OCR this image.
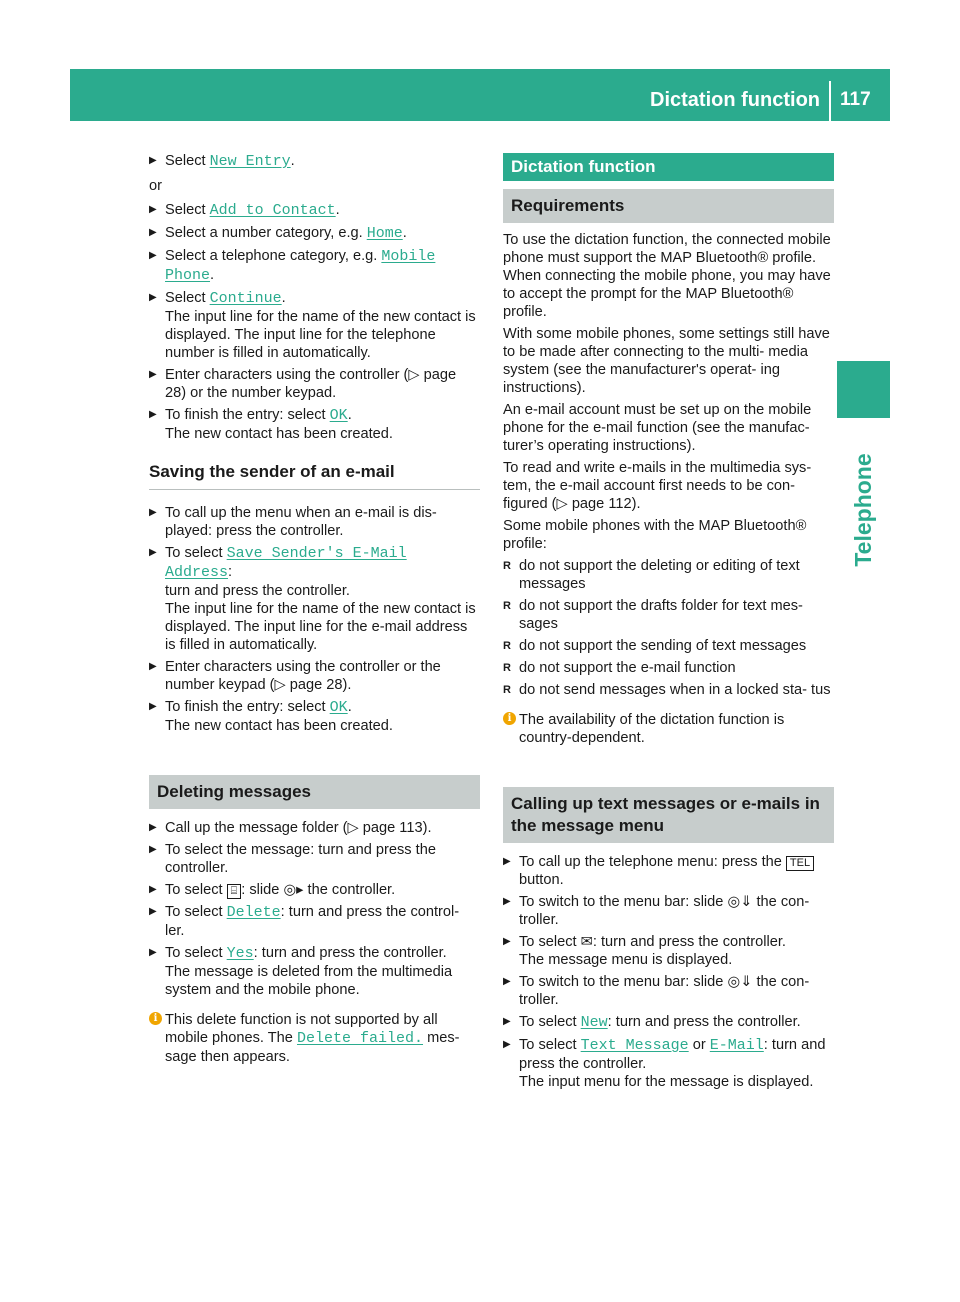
Dictation function 117
Telephone
▶ Select New Entry.
or
▶ Select Add to Contact.
▶ Select a number category, e.g. Home.
▶ Select a telephone category, e.g. Mobile
Phone.
▶ Select Continue.
The input line for the name of the new contact is displayed. The input line for the telephone number is filled in automatically.
▶ Enter characters using the controller (▷ page 28) or the number keypad.
▶ To finish the entry: select OK.
The new contact has been created.
Saving the sender of an e-mail
▶ To call up the menu when an e-mail is dis- played: press the controller.
▶ To select Save Sender's E-Mail Address:
turn and press the controller.
The input line for the name of the new contact is displayed. The input line for the e-mail address is filled in automatically.
▶ Enter characters using the controller or the number keypad (▷ page 28).
▶ To finish the entry: select OK.
The new contact has been created.
Deleting messages
▶ Call up the message folder (▷ page 113).
▶ To select the message: turn and press the controller.
▶ To select ⌸ : slide ◎▸ the controller.
▶ To select Delete: turn and press the control- ler.
▶ To select Yes: turn and press the controller.
The message is deleted from the multimedia system and the mobile phone.
i This delete function is not supported by all mobile phones. The Delete failed. mes- sage then appears.
Dictation function
Requirements
To use the dictation function, the connected mobile phone must support the MAP Bluetooth® profile. When connecting the mobile phone, you may have to accept the prompt for the MAP Bluetooth® profile.
With some mobile phones, some settings still have to be made after connecting to the multi- media system (see the manufacturer's operat- ing instructions).
An e-mail account must be set up on the mobile phone for the e-mail function (see the manufac- turer’s operating instructions).
To read and write e-mails in the multimedia sys- tem, the e-mail account first needs to be con- figured (▷ page 112).
Some mobile phones with the MAP Bluetooth® profile:
R do not support the deleting or editing of text messages
R do not support the drafts folder for text mes- sages
R do not support the sending of text messages
R do not support the e-mail function
R do not send messages when in a locked sta- tus
i The availability of the dictation function is country-dependent.
Calling up text messages or e-mails in the message menu
▶ To call up the telephone menu: press the TEL button.
▶ To switch to the menu bar: slide ◎⇓ the con- troller.
▶ To select ✉: turn and press the controller.
The message menu is displayed.
▶ To switch to the menu bar: slide ◎⇓ the con- troller.
▶ To select New: turn and press the controller.
▶ To select Text Message or E-Mail: turn and press the controller.
The input menu for the message is displayed.
